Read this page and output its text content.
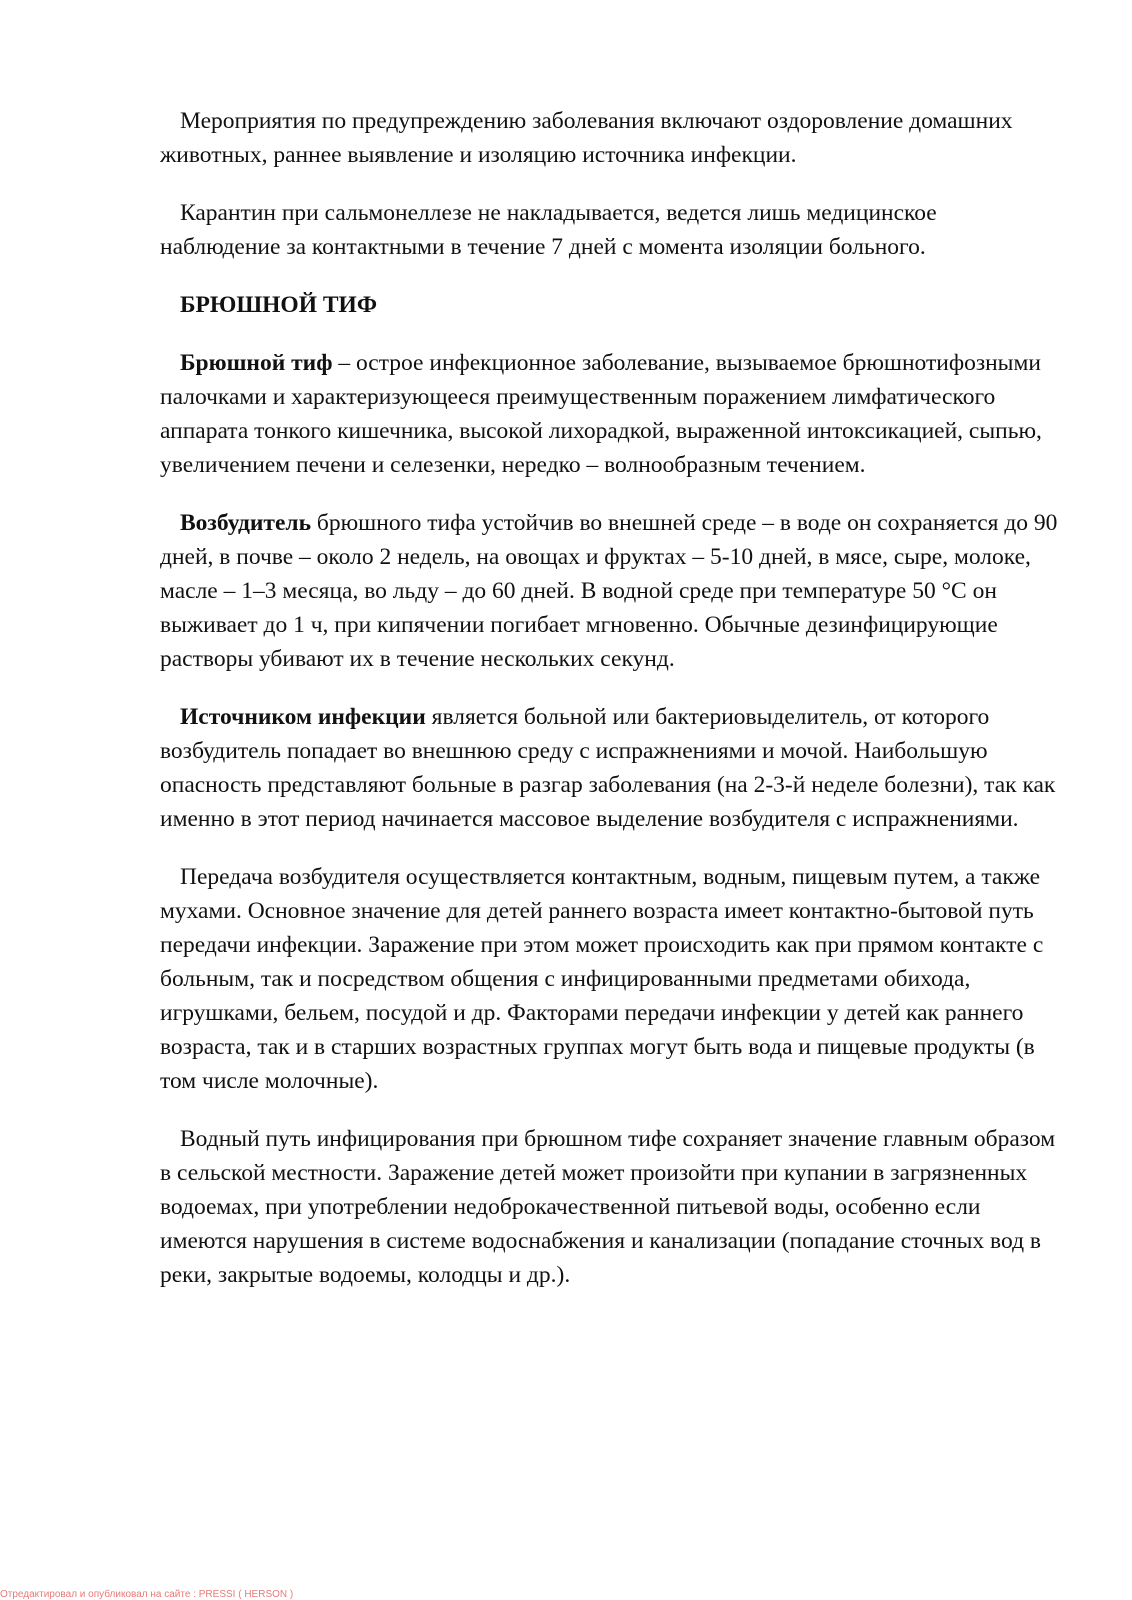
Мероприятия по предупреждению заболевания включают оздоровление домашних животных, раннее выявление и изоляцию источника инфекции.

Карантин при сальмонеллезе не накладывается, ведется лишь медицинское наблюдение за контактными в течение 7 дней с момента изоляции больного.

БРЮШНОЙ ТИФ

Брюшной тиф – острое инфекционное заболевание, вызываемое брюшнотифозными палочками и характеризующееся преимущественным поражением лимфатического аппарата тонкого кишечника, высокой лихорадкой, выраженной интоксикацией, сыпью, увеличением печени и селезенки, нередко – волнообразным течением.

Возбудитель брюшного тифа устойчив во внешней среде – в воде он сохраняется до 90 дней, в почве – около 2 недель, на овощах и фруктах – 5-10 дней, в мясе, сыре, молоке, масле – 1–3 месяца, во льду – до 60 дней. В водной среде при температуре 50 °С он выживает до 1 ч, при кипячении погибает мгновенно. Обычные дезинфицирующие растворы убивают их в течение нескольких секунд.

Источником инфекции является больной или бактериовыделитель, от которого возбудитель попадает во внешнюю среду с испражнениями и мочой. Наибольшую опасность представляют больные в разгар заболевания (на 2-3-й неделе болезни), так как именно в этот период начинается массовое выделение возбудителя с испражнениями.

Передача возбудителя осуществляется контактным, водным, пищевым путем, а также мухами. Основное значение для детей раннего возраста имеет контактно-бытовой путь передачи инфекции. Заражение при этом может происходить как при прямом контакте с больным, так и посредством общения с инфицированными предметами обихода, игрушками, бельем, посудой и др. Факторами передачи инфекции у детей как раннего возраста, так и в старших возрастных группах могут быть вода и пищевые продукты (в том числе молочные).

Водный путь инфицирования при брюшном тифе сохраняет значение главным образом в сельской местности. Заражение детей может произойти при купании в загрязненных водоемах, при употреблении недоброкачественной питьевой воды, особенно если имеются нарушения в системе водоснабжения и канализации (попадание сточных вод в реки, закрытые водоемы, колодцы и др.).

Отредактировал и опубликовал на сайте : PRESSI ( HERSON )
